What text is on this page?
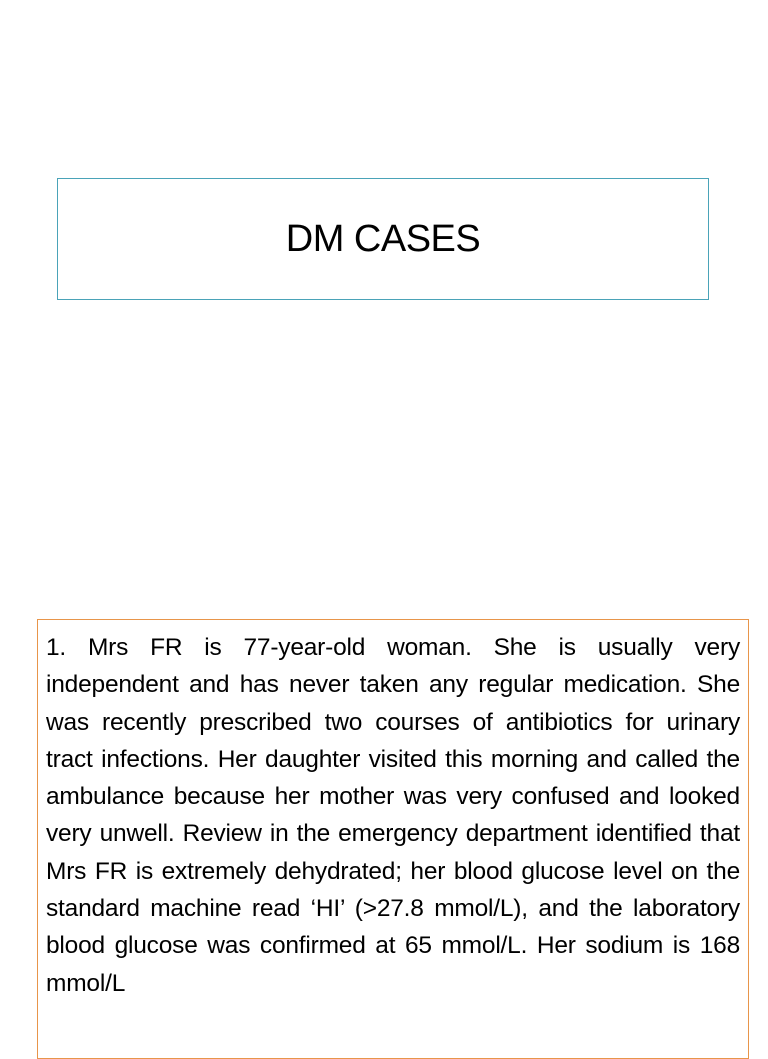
DM CASES

1. Mrs FR is 77-year-old woman. She is usually very independent and has never taken any regular medication. She was recently prescribed two courses of antibiotics for urinary tract infections. Her daughter visited this morning and called the ambulance because her mother was very confused and looked very unwell. Review in the emergency department identified that Mrs FR is extremely dehydrated; her blood glucose level on the standard machine read ‘HI’ (>27.8 mmol/L), and the laboratory blood glucose was confirmed at 65 mmol/L. Her sodium is 168 mmol/L
